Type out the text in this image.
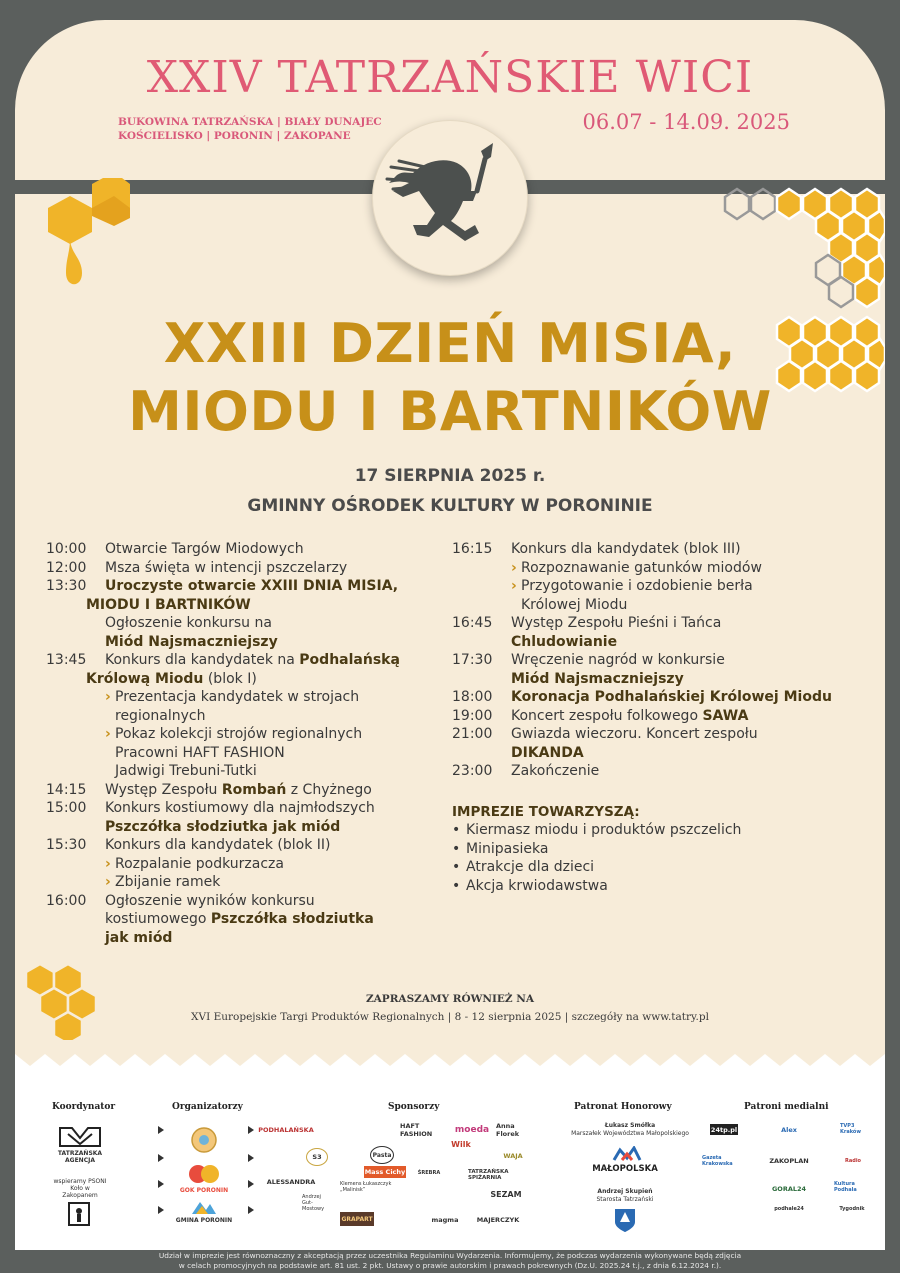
XXIV TATRZAŃSKIE WICI
BUKOWINA TATRZAŃSKA | BIAŁY DUNAJEC
KOŚCIELISKO | PORONIN | ZAKOPANE
06.07 - 14.09. 2025
XXIII DZIEŃ MISIA,
MIODU I BARTNIKÓW
17 SIERPNIA 2025 r.
GMINNY OŚRODEK KULTURY W PORONINIE
10:00 Otwarcie Targów Miodowych
12:00 Msza święta w intencji pszczelarzy
13:30 Uroczyste otwarcie XXIII DNIA MISIA,
MIODU I BARTNIKÓW
Ogłoszenie konkursu na
Miód Najsmaczniejszy
13:45 Konkurs dla kandydatek na Podhalańską
Królową Miodu (blok I)
› Prezentacja kandydatek w strojach
regionalnych
› Pokaz kolekcji strojów regionalnych
Pracowni HAFT FASHION
Jadwigi Trebuni-Tutki
14:15 Występ Zespołu Rombań z Chyżnego
15:00 Konkurs kostiumowy dla najmłodszych
Pszczółka słodziutka jak miód
15:30 Konkurs dla kandydatek (blok II)
› Rozpalanie podkurzacza
› Zbijanie ramek
16:00 Ogłoszenie wyników konkursu
kostiumowego Pszczółka słodziutka
jak miód
16:15 Konkurs dla kandydatek (blok III)
› Rozpoznawanie gatunków miodów
› Przygotowanie i ozdobienie berła
Królowej Miodu
16:45 Występ Zespołu Pieśni i Tańca
Chludowianie
17:30 Wręczenie nagród w konkursie
Miód Najsmaczniejszy
18:00 Koronacja Podhalańskiej Królowej Miodu
19:00 Koncert zespołu folkowego SAWA
21:00 Gwiazda wieczoru. Koncert zespołu
DIKANDA
23:00 Zakończenie
IMPREZIE TOWARZYSZĄ:
• Kiermasz miodu i produktów pszczelich
• Minipasieka
• Atrakcje dla dzieci
• Akcja krwiodawstwa
ZAPRASZAMY RÓWNIEŻ NA
XVI Europejskie Targi Produktów Regionalnych | 8 - 12 sierpnia 2025 | szczegóły na www.tatry.pl
Koordynator
TATRZAŃSKA AGENCJA
wspieramy PSONI Koło w Zakopanem
Organizatorzy
GOK PORONIN
GMINA PORONIN
Sponsorzy
PODHALAŃSKA	HAFT FASHION	moeda Anna Florek
S3	Pasta
Wilk
WAJA
ALESSANDRA
Mass Cichy	TATRZAŃSKA SPIŻARNIA
SEZAM
ŚREBRA
magma	MAJERCZYK
Andrzej Gut-Mostowy
Klemens Łukaszczyk „Malinisk”
GRAPART
Patronat Honorowy
Łukasz Smółka
Marszałek Województwa Małopolskiego
MAŁOPOLSKA
Andrzej Skupień
Starosta Tatrzański
Patroni medialni
24tp.pl	Alex	TVP3 Kraków
Gazeta Krakowska	ZAKOPLAN	Radio
GORAL24
Kultura Podhala
podhale24	Tygodnik
Udział w imprezie jest równoznaczny z akceptacją przez uczestnika Regulaminu Wydarzenia. Informujemy, że podczas wydarzenia wykonywane będą zdjęcia
w celach promocyjnych na podstawie art. 81 ust. 2 pkt. Ustawy o prawie autorskim i prawach pokrewnych (Dz.U. 2025.24 t.j., z dnia 6.12.2024 r.).
